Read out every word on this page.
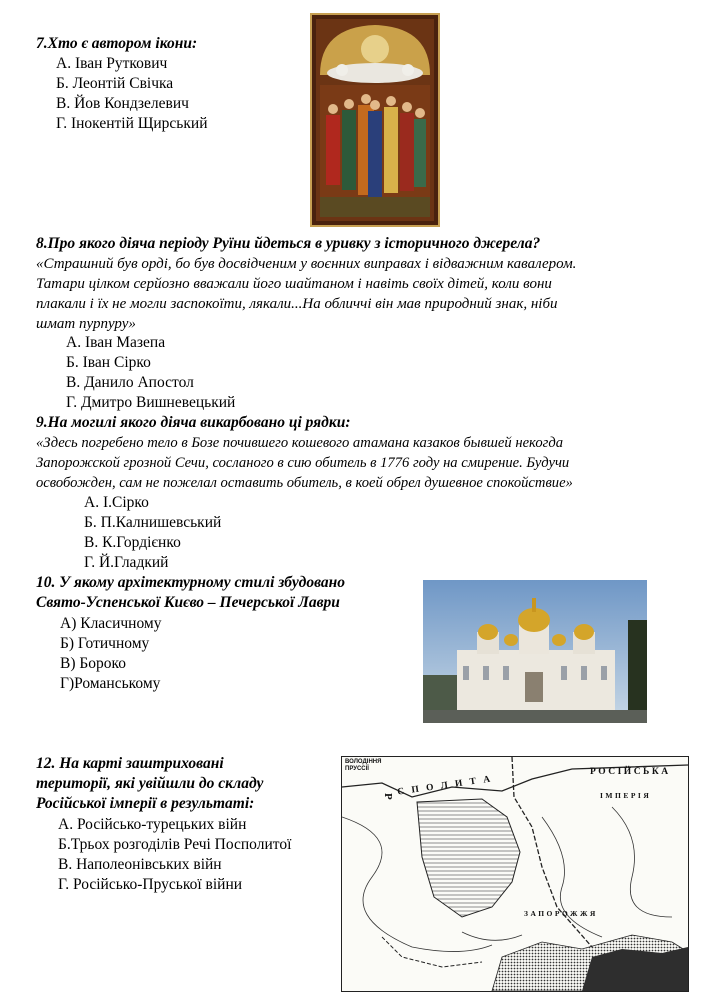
7.Хто є автором ікони:
А. Іван Руткович
Б. Леонтій Свічка
В. Йов Кондзелевич
Г. Інокентій Щирський
8.Про якого діяча періоду Руїни йдеться в уривку з історичного джерела?
«Страшний був орді, бо був досвідченим у воєнних виправах і відважним кавалером.
Татари цілком серйозно вважали його шайтаном і навіть своїх дітей, коли вони
плакали і їх не могли заспокоїти, лякали...На обличчі він мав природний знак, ніби
шмат пурпуру»
А. Іван Мазепа
Б. Іван Сірко
В. Данило Апостол
Г. Дмитро Вишневецький
9.На могилі якого діяча викарбовано ці рядки:
«Здесь погребено тело в Бозе почившего кошевого атамана казаков бывшей некогда
Запорожской грозной Сечи, сосланого в сию обитель в 1776 году на смирение. Будучи
освобожден, сам не пожелал оставить обитель, в коей обрел душевное спокойствие»
А. І.Сірко
Б. П.Калнишевський
В. К.Гордієнко
Г. Й.Гладкий
10. У якому архітектурному стилі збудовано
Свято-Успенської Києво – Печерської Лаври
А) Класичному
Б) Готичному
В) Бороко
Г)Романському
12. На карті заштриховані
території, які увійшли до складу
Російської імперії в результаті:
А. Російсько-турецьких війн
Б.Трьох розгоділів Речі Посполитої
В. Наполеонівських війн
Г. Російсько-Пруської війни
ВОЛОДІННЯ
ПРУССІЇ
Р С П О Л И Т А
РОСІЙСЬКА
ІМПЕРІЯ
ЗАПОРОЖЖЯ
